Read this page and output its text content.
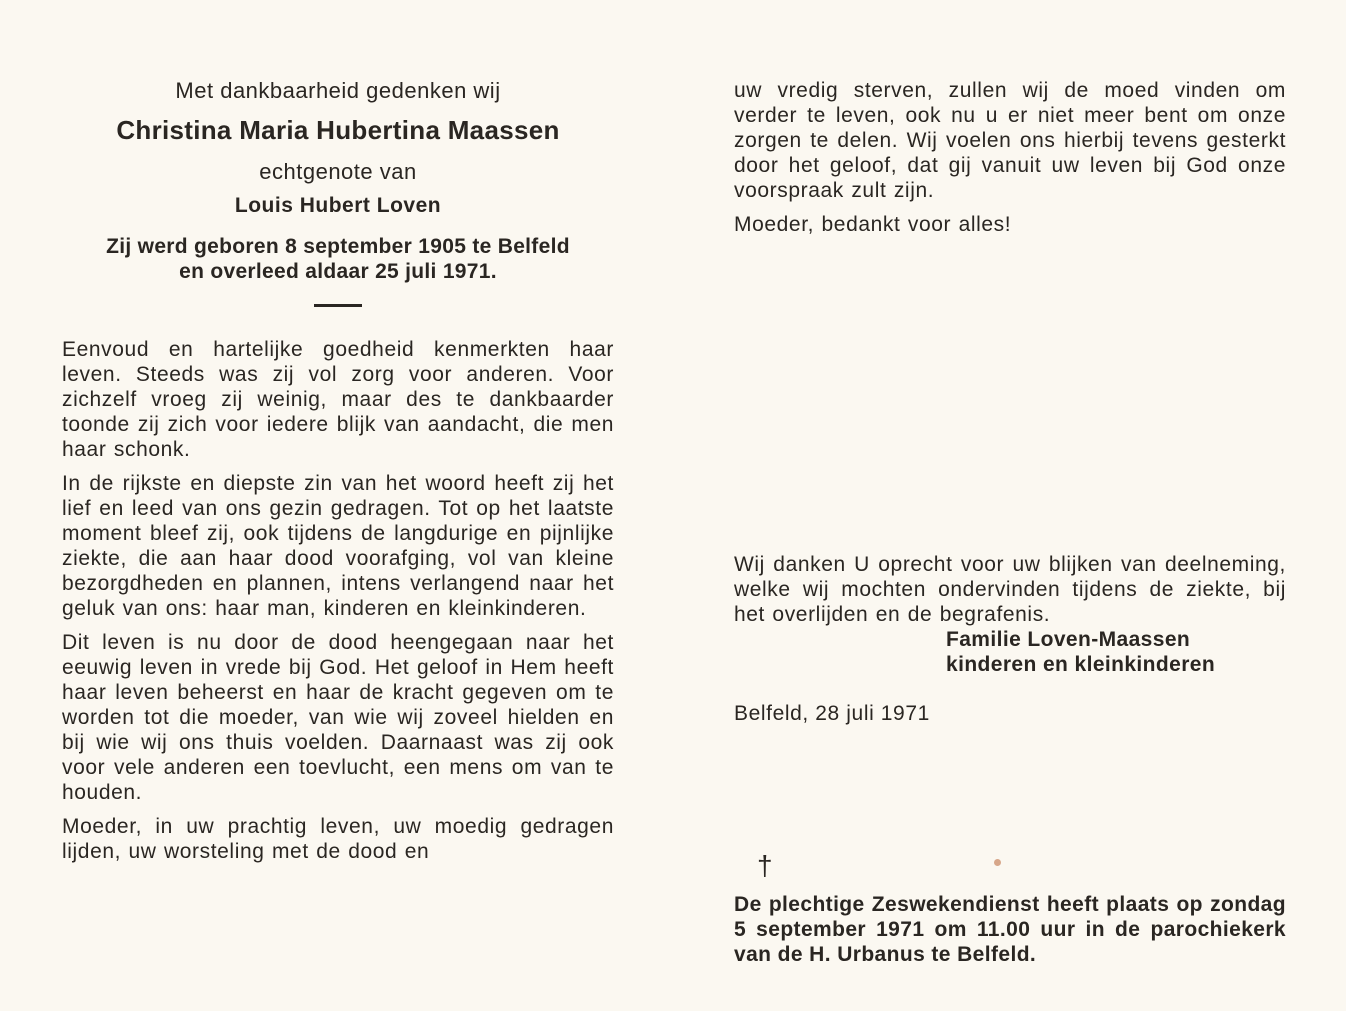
Met dankbaarheid gedenken wij

Christina Maria Hubertina Maassen

echtgenote van

Louis Hubert Loven

Zij werd geboren 8 september 1905 te Belfeld

en overleed aldaar 25 juli 1971.

Eenvoud en hartelijke goedheid kenmerkten haar leven. Steeds was zij vol zorg voor anderen. Voor zichzelf vroeg zij weinig, maar des te dankbaarder toonde zij zich voor iedere blijk van aandacht, die men haar schonk.

In de rijkste en diepste zin van het woord heeft zij het lief en leed van ons gezin gedragen. Tot op het laatste moment bleef zij, ook tijdens de langdurige en pijnlijke ziekte, die aan haar dood voorafging, vol van kleine bezorgdheden en plannen, intens verlangend naar het geluk van ons: haar man, kinderen en kleinkinderen.

Dit leven is nu door de dood heengegaan naar het eeuwig leven in vrede bij God. Het geloof in Hem heeft haar leven beheerst en haar de kracht gegeven om te worden tot die moeder, van wie wij zoveel hielden en bij wie wij ons thuis voelden. Daarnaast was zij ook voor vele anderen een toevlucht, een mens om van te houden.

Moeder, in uw prachtig leven, uw moedig gedragen lijden, uw worsteling met de dood en

uw vredig sterven, zullen wij de moed vinden om verder te leven, ook nu u er niet meer bent om onze zorgen te delen. Wij voelen ons hierbij tevens gesterkt door het geloof, dat gij vanuit uw leven bij God onze voorspraak zult zijn.

Moeder, bedankt voor alles!

Wij danken U oprecht voor uw blijken van deelneming, welke wij mochten ondervinden tijdens de ziekte, bij het overlijden en de begrafenis.

Familie Loven-Maassen

kinderen en kleinkinderen

Belfeld, 28 juli 1971

†

De plechtige Zeswekendienst heeft plaats op zondag 5 september 1971 om 11.00 uur in de parochiekerk van de H. Urbanus te Belfeld.
